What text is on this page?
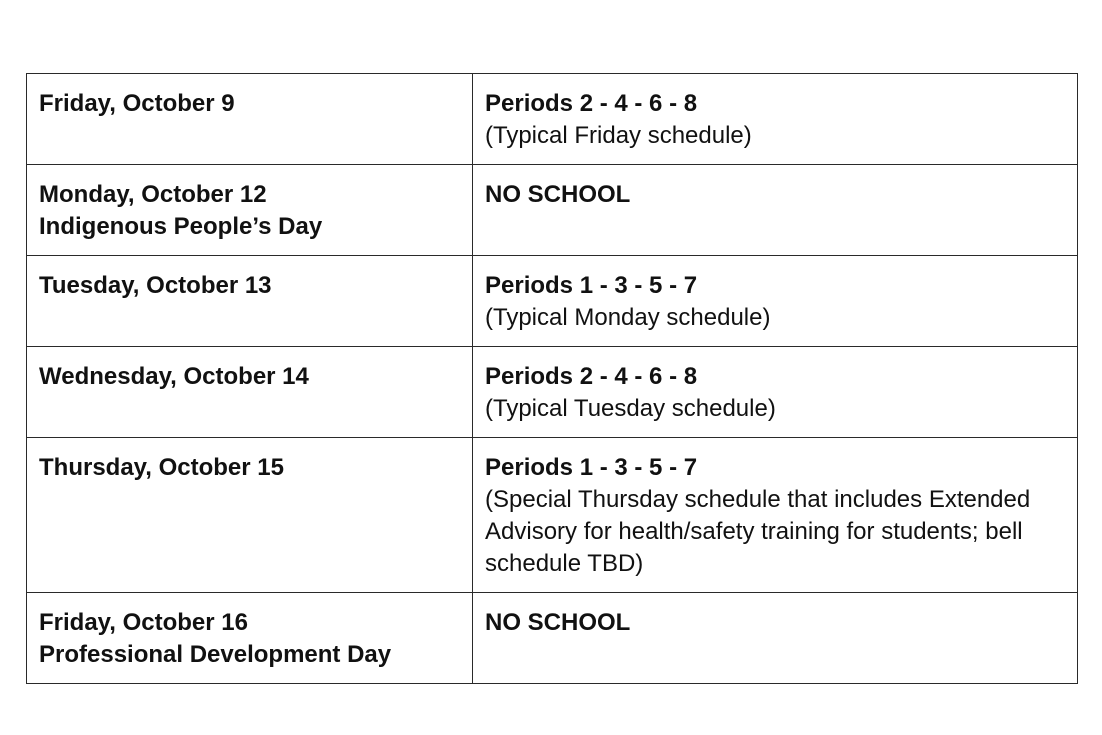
Friday, October 9	Periods 2 - 4 - 6 - 8
(Typical Friday schedule)

Monday, October 12
Indigenous People’s Day	NO SCHOOL

Tuesday, October 13	Periods 1 - 3 - 5 - 7
(Typical Monday schedule)

Wednesday, October 14	Periods 2 - 4 - 6 - 8
(Typical Tuesday schedule)

Thursday, October 15	Periods 1 - 3 - 5 - 7
(Special Thursday schedule that includes Extended Advisory for health/safety training for students; bell schedule TBD)

Friday, October 16
Professional Development Day	NO SCHOOL
